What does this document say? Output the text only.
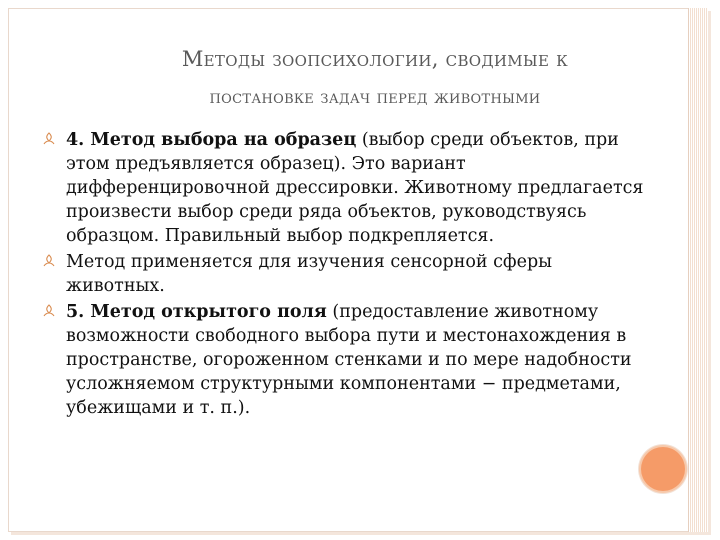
Методы зоопсихологии, сводимые к
постановке задач перед животными
4. Метод выбора на образец (выбор среди объектов, при этом предъявляется образец). Это вариант дифференцировочной дрессировки. Животному предлагается произвести выбор среди ряда объектов, руководствуясь образцом. Правильный выбор подкрепляется.
Метод применяется для изучения сенсорной сферы животных.
5. Метод открытого поля (предоставление животному возможности свободного выбора пути и местонахождения в пространстве, огороженном стенками и по мере надобности усложняемом структурными компонентами − предметами, убежищами и т. п.).
